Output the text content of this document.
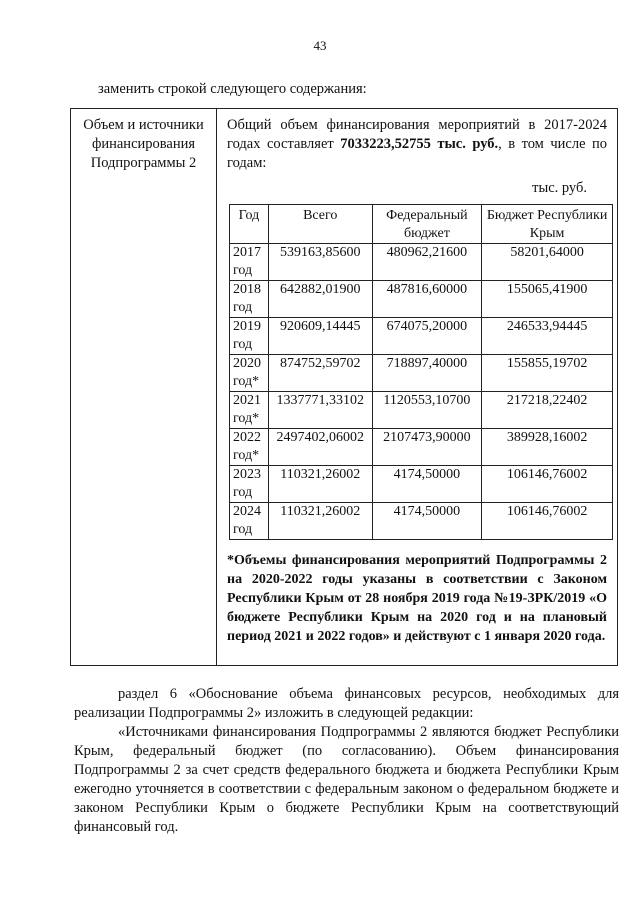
43
заменить строкой следующего содержания:
Объем и источники
финансирования
Подпрограммы 2

Общий объем финансирования мероприятий в 2017-2024 годах составляет 7033223,52755 тыс. руб., в том числе по годам:

тыс. руб.
Год	Всего	Федеральный бюджет	Бюджет Республики Крым
2017 год	539163,85600	480962,21600	58201,64000
2018 год	642882,01900	487816,60000	155065,41900
2019 год	920609,14445	674075,20000	246533,94445
2020 год*	874752,59702	718897,40000	155855,19702
2021 год*	1337771,33102	1120553,10700	217218,22402
2022 год*	2497402,06002	2107473,90000	389928,16002
2023 год	110321,26002	4174,50000	106146,76002
2024 год	110321,26002	4174,50000	106146,76002
*Объемы финансирования мероприятий Подпрограммы 2 на 2020-2022 годы указаны в соответствии с Законом Республики Крым от 28 ноября 2019 года №19-ЗРК/2019 «О бюджете Республики Крым на 2020 год и на плановый период 2021 и 2022 годов» и действуют с 1 января 2020 года.
раздел 6 «Обоснование объема финансовых ресурсов, необходимых для реализации Подпрограммы 2» изложить в следующей редакции:
«Источниками финансирования Подпрограммы 2 являются бюджет Республики Крым, федеральный бюджет (по согласованию). Объем финансирования Подпрограммы 2 за счет средств федерального бюджета и бюджета Республики Крым ежегодно уточняется в соответствии с федеральным законом о федеральном бюджете и законом Республики Крым о бюджете Республики Крым на соответствующий финансовый год.
